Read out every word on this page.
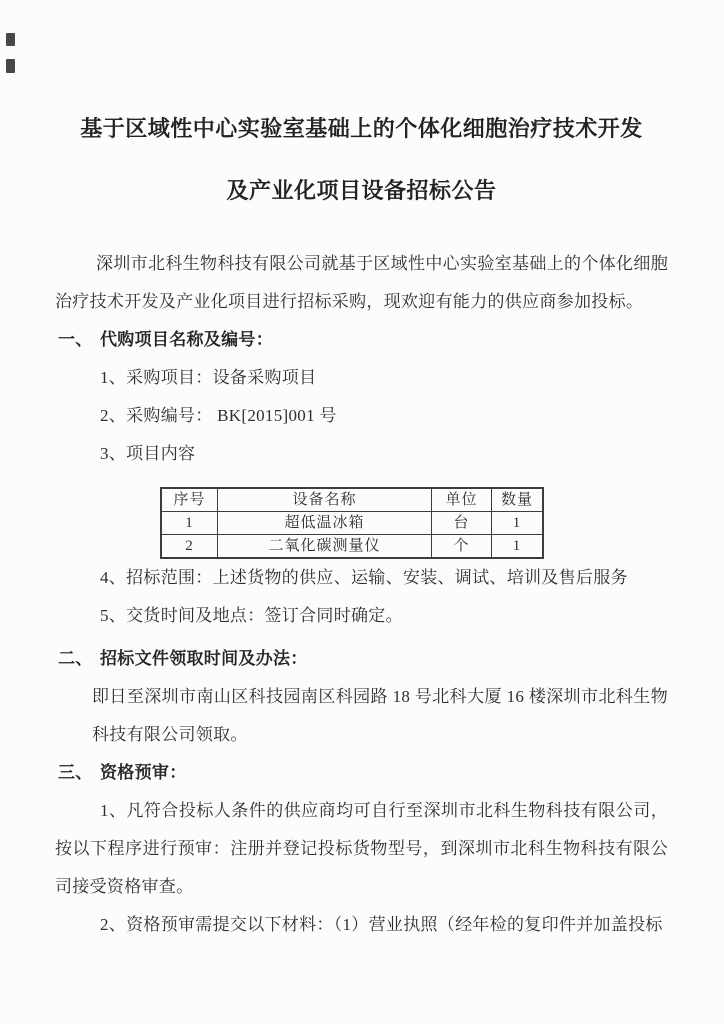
基于区域性中心实验室基础上的个体化细胞治疗技术开发
及产业化项目设备招标公告

深圳市北科生物科技有限公司就基于区域性中心实验室基础上的个体化细胞治疗技术开发及产业化项目进行招标采购，现欢迎有能力的供应商参加投标。

一、 代购项目名称及编号：

1、采购项目：设备采购项目

2、采购编号： BK[2015]001 号

3、项目内容

序号	设备名称	单位	数量
1	超低温冰箱	台	1
2	二氧化碳测量仪	个	1

4、招标范围：上述货物的供应、运输、安装、调试、培训及售后服务

5、交货时间及地点：签订合同时确定。

二、 招标文件领取时间及办法：

即日至深圳市南山区科技园南区科园路 18 号北科大厦 16 楼深圳市北科生物科技有限公司领取。

三、 资格预审：

1、凡符合投标人条件的供应商均可自行至深圳市北科生物科技有限公司，按以下程序进行预审：注册并登记投标货物型号，到深圳市北科生物科技有限公司接受资格审查。

2、资格预审需提交以下材料：（1）营业执照（经年检的复印件并加盖投标
